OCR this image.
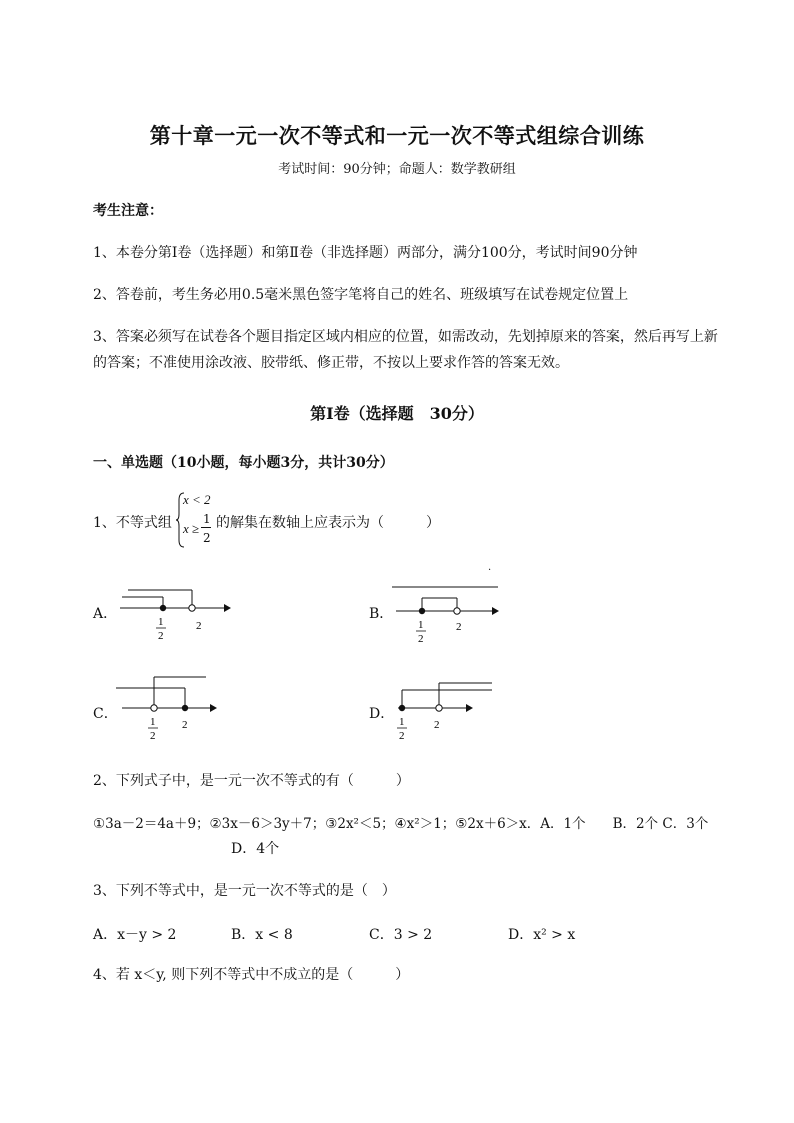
第十章一元一次不等式和一元一次不等式组综合训练
考试时间：90分钟；命题人：数学教研组
考生注意：
1、本卷分第Ⅰ卷（选择题）和第Ⅱ卷（非选择题）两部分，满分100分，考试时间90分钟
2、答卷前，考生务必用0.5毫米黑色签字笔将自己的姓名、班级填写在试卷规定位置上
3、答案必须写在试卷各个题目指定区域内相应的位置，如需改动，先划掉原来的答案，然后再写上新
的答案；不准使用涂改液、胶带纸、修正带，不按以上要求作答的答案无效。
第Ⅰ卷（选择题　30分）
一、单选题（10小题，每小题3分，共计30分）
1、不等式组
x < 2
x ≥
1
2
的解集在数轴上应表示为（　　　）
.
A．	1
2
2
B．
1
2
2
C．	1
2
2
D． 1
2
2
2、下列式子中，是一元一次不等式的有（　　　）
①3a－2＝4a＋9；②3x－6＞3y＋7；③2x²＜5；④x²＞1；⑤2x＋6＞x．A．1个　　B．2个 C．3个
D．4个
3、下列不等式中，是一元一次不等式的是（　）
A．x－y > 2	B．x < 8	C．3 > 2	D．x² > x
4、若 x＜y, 则下列不等式中不成立的是（　　　）
